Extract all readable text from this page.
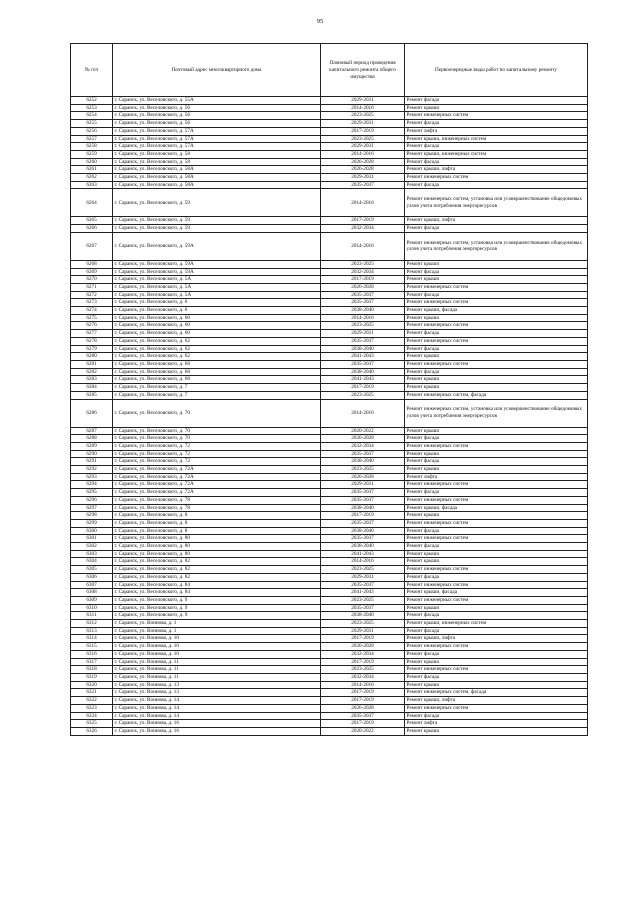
95
№ п/п	Почтовый адрес многоквартирного дома	Плановый период проведения капитального ремонта общего имущества	Первоочередные виды работ по капитальному ремонту
6252	г. Саранск, ул. Веселовского, д. 55А	2029-2031	Ремонт фасада
6253	г. Саранск, ул. Веселовского, д. 56	2014-2016	Ремонт крыши
6254	г. Саранск, ул. Веселовского, д. 56	2023-2025	Ремонт инженерных систем
6255	г. Саранск, ул. Веселовского, д. 56	2029-2031	Ремонт фасада
6256	г. Саранск, ул. Веселовского, д. 57А	2017-2019	Ремонт лифта
6257	г. Саранск, ул. Веселовского, д. 57А	2023-2025	Ремонт крыши, инженерных систем
6258	г. Саранск, ул. Веселовского, д. 57А	2029-2031	Ремонт фасада
6259	г. Саранск, ул. Веселовского, д. 58	2014-2016	Ремонт крыши, инженерных систем
6260	г. Саранск, ул. Веселовского, д. 58	2026-2028	Ремонт фасада
6261	г. Саранск, ул. Веселовского, д. 58А	2026-2028	Ремонт крыши, лифта
6262	г. Саранск, ул. Веселовского, д. 58А	2029-2031	Ремонт инженерных систем
6263	г. Саранск, ул. Веселовского, д. 58А	2035-2037	Ремонт фасада
6264	г. Саранск, ул. Веселовского, д. 59	2014-2016	Ремонт инженерных систем, установка или усовершенствование общедомовых узлов учета потребления энергоресурсов
6265	г. Саранск, ул. Веселовского, д. 59	2017-2019	Ремонт крыши, лифта
6266	г. Саранск, ул. Веселовского, д. 59	2032-2034	Ремонт фасада
6267	г. Саранск, ул. Веселовского, д. 59А	2014-2016	Ремонт инженерных систем, установка или усовершенствование общедомовых узлов учета потребления энергоресурсов
6268	г. Саранск, ул. Веселовского, д. 59А	2023-2025	Ремонт крыши
6269	г. Саранск, ул. Веселовского, д. 59А	2032-2034	Ремонт фасада
6270	г. Саранск, ул. Веселовского, д. 5А	2017-2019	Ремонт крыши
6271	г. Саранск, ул. Веселовского, д. 5А	2026-2028	Ремонт инженерных систем
6272	г. Саранск, ул. Веселовского, д. 5А	2035-2037	Ремонт фасада
6273	г. Саранск, ул. Веселовского, д. 6	2035-2037	Ремонт инженерных систем
6274	г. Саранск, ул. Веселовского, д. 6	2038-2040	Ремонт крыши, фасада
6275	г. Саранск, ул. Веселовского, д. 60	2014-2016	Ремонт крыши
6276	г. Саранск, ул. Веселовского, д. 60	2023-2025	Ремонт инженерных систем
6277	г. Саранск, ул. Веселовского, д. 60	2029-2031	Ремонт фасада
6278	г. Саранск, ул. Веселовского, д. 62	2035-2037	Ремонт инженерных систем
6279	г. Саранск, ул. Веселовского, д. 62	2038-2040	Ремонт фасада
6280	г. Саранск, ул. Веселовского, д. 62	2041-2043	Ремонт крыши
6281	г. Саранск, ул. Веселовского, д. 68	2035-2037	Ремонт инженерных систем
6282	г. Саранск, ул. Веселовского, д. 68	2038-2040	Ремонт фасада
6283	г. Саранск, ул. Веселовского, д. 68	2041-2043	Ремонт крыши
6284	г. Саранск, ул. Веселовского, д. 7	2017-2019	Ремонт крыши
6285	г. Саранск, ул. Веселовского, д. 7	2023-2025	Ремонт инженерных систем, фасада
6286	г. Саранск, ул. Веселовского, д. 70	2014-2016	Ремонт инженерных систем, установка или усовершенствование общедомовых узлов учета потребления энергоресурсов
6287	г. Саранск, ул. Веселовского, д. 70	2020-2022	Ремонт крыши
6288	г. Саранск, ул. Веселовского, д. 70	2026-2028	Ремонт фасада
6289	г. Саранск, ул. Веселовского, д. 72	2032-2034	Ремонт инженерных систем
6290	г. Саранск, ул. Веселовского, д. 72	2035-2037	Ремонт крыши
6291	г. Саранск, ул. Веселовского, д. 72	2038-2040	Ремонт фасада
6292	г. Саранск, ул. Веселовского, д. 72А	2023-2025	Ремонт крыши
6293	г. Саранск, ул. Веселовского, д. 72А	2026-2028	Ремонт лифта
6294	г. Саранск, ул. Веселовского, д. 72А	2029-2031	Ремонт инженерных систем
6295	г. Саранск, ул. Веселовского, д. 72А	2035-2037	Ремонт фасада
6296	г. Саранск, ул. Веселовского, д. 78	2035-2037	Ремонт инженерных систем
6297	г. Саранск, ул. Веселовского, д. 78	2038-2040	Ремонт крыши, фасада
6298	г. Саранск, ул. Веселовского, д. 8	2017-2019	Ремонт крыши
6299	г. Саранск, ул. Веселовского, д. 8	2035-2037	Ремонт инженерных систем
6300	г. Саранск, ул. Веселовского, д. 8	2038-2040	Ремонт фасада
6301	г. Саранск, ул. Веселовского, д. 80	2035-2037	Ремонт инженерных систем
6302	г. Саранск, ул. Веселовского, д. 80	2038-2040	Ремонт фасада
6303	г. Саранск, ул. Веселовского, д. 80	2041-2043	Ремонт крыши
6304	г. Саранск, ул. Веселовского, д. 82	2014-2016	Ремонт крыши
6305	г. Саранск, ул. Веселовского, д. 82	2023-2025	Ремонт инженерных систем
6306	г. Саранск, ул. Веселовского, д. 82	2029-2031	Ремонт фасада
6307	г. Саранск, ул. Веселовского, д. 84	2035-2037	Ремонт инженерных систем
6308	г. Саранск, ул. Веселовского, д. 84	2041-2043	Ремонт крыши, фасада
6309	г. Саранск, ул. Веселовского, д. 9	2023-2025	Ремонт инженерных систем
6310	г. Саранск, ул. Веселовского, д. 9	2035-2037	Ремонт крыши
6311	г. Саранск, ул. Веселовского, д. 9	2038-2040	Ремонт фасада
6312	г. Саранск, ул. Воинова, д. 1	2023-2025	Ремонт крыши, инженерных систем
6313	г. Саранск, ул. Воинова, д. 1	2029-2031	Ремонт фасада
6314	г. Саранск, ул. Воинова, д. 10	2017-2019	Ремонт крыши, лифта
6315	г. Саранск, ул. Воинова, д. 10	2026-2028	Ремонт инженерных систем
6316	г. Саранск, ул. Воинова, д. 10	2032-2034	Ремонт фасада
6317	г. Саранск, ул. Воинова, д. 11	2017-2019	Ремонт крыши
6318	г. Саранск, ул. Воинова, д. 11	2023-2025	Ремонт инженерных систем
6319	г. Саранск, ул. Воинова, д. 11	2032-2034	Ремонт фасада
6320	г. Саранск, ул. Воинова, д. 13	2014-2016	Ремонт крыши
6321	г. Саранск, ул. Воинова, д. 13	2017-2019	Ремонт инженерных систем, фасада
6322	г. Саранск, ул. Воинова, д. 14	2017-2019	Ремонт крыши, лифта
6323	г. Саранск, ул. Воинова, д. 14	2026-2028	Ремонт инженерных систем
6324	г. Саранск, ул. Воинова, д. 14	2035-2037	Ремонт фасада
6325	г. Саранск, ул. Воинова, д. 16	2017-2019	Ремонт лифта
6326	г. Саранск, ул. Воинова, д. 16	2020-2022	Ремонт крыши
